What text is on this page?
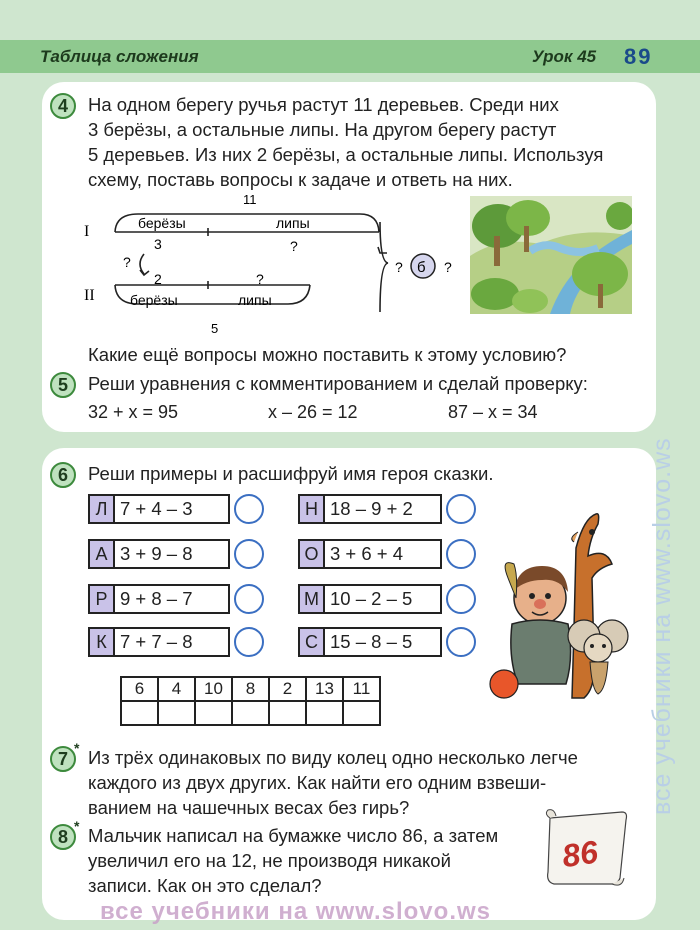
Таблица сложения	Урок 45 89
4	На одном берегу ручья растут 11 деревьев. Среди них
3 берёзы, а остальные липы. На другом берегу растут
5 деревьев. Из них 2 берёзы, а остальные липы. Используя
схему, поставь вопросы к задаче и ответь на них.
11
I	берёзы	липы
3	?
?
2	?
II	берёзы	липы
5
? б ?
Какие ещё вопросы можно поставить к этому условию?
5	Реши уравнения с комментированием и сделай проверку:
32 + x = 95	x – 26 = 12	87 – x = 34
6	Реши примеры и расшифруй имя героя сказки.
Л 7 + 4 – 3
А 3 + 9 – 8
Р 9 + 8 – 7
К 7 + 7 – 8
Н 18 – 9 + 2
О 3 + 6 + 4
М 10 – 2 – 5
С 15 – 8 – 5
6	4	10	8	2	13	11

7
* Из трёх одинаковых по виду колец одно несколько легче
каждого из двух других. Как найти его одним взвеши-
ванием на чашечных весах без гирь?
8
* Мальчик написал на бумажке число 86, а затем
увеличил его на 12, не производя никакой
записи. Как он это сделал?
86
все учебники на www.slovo.ws
все учебники на www.slovo.ws
